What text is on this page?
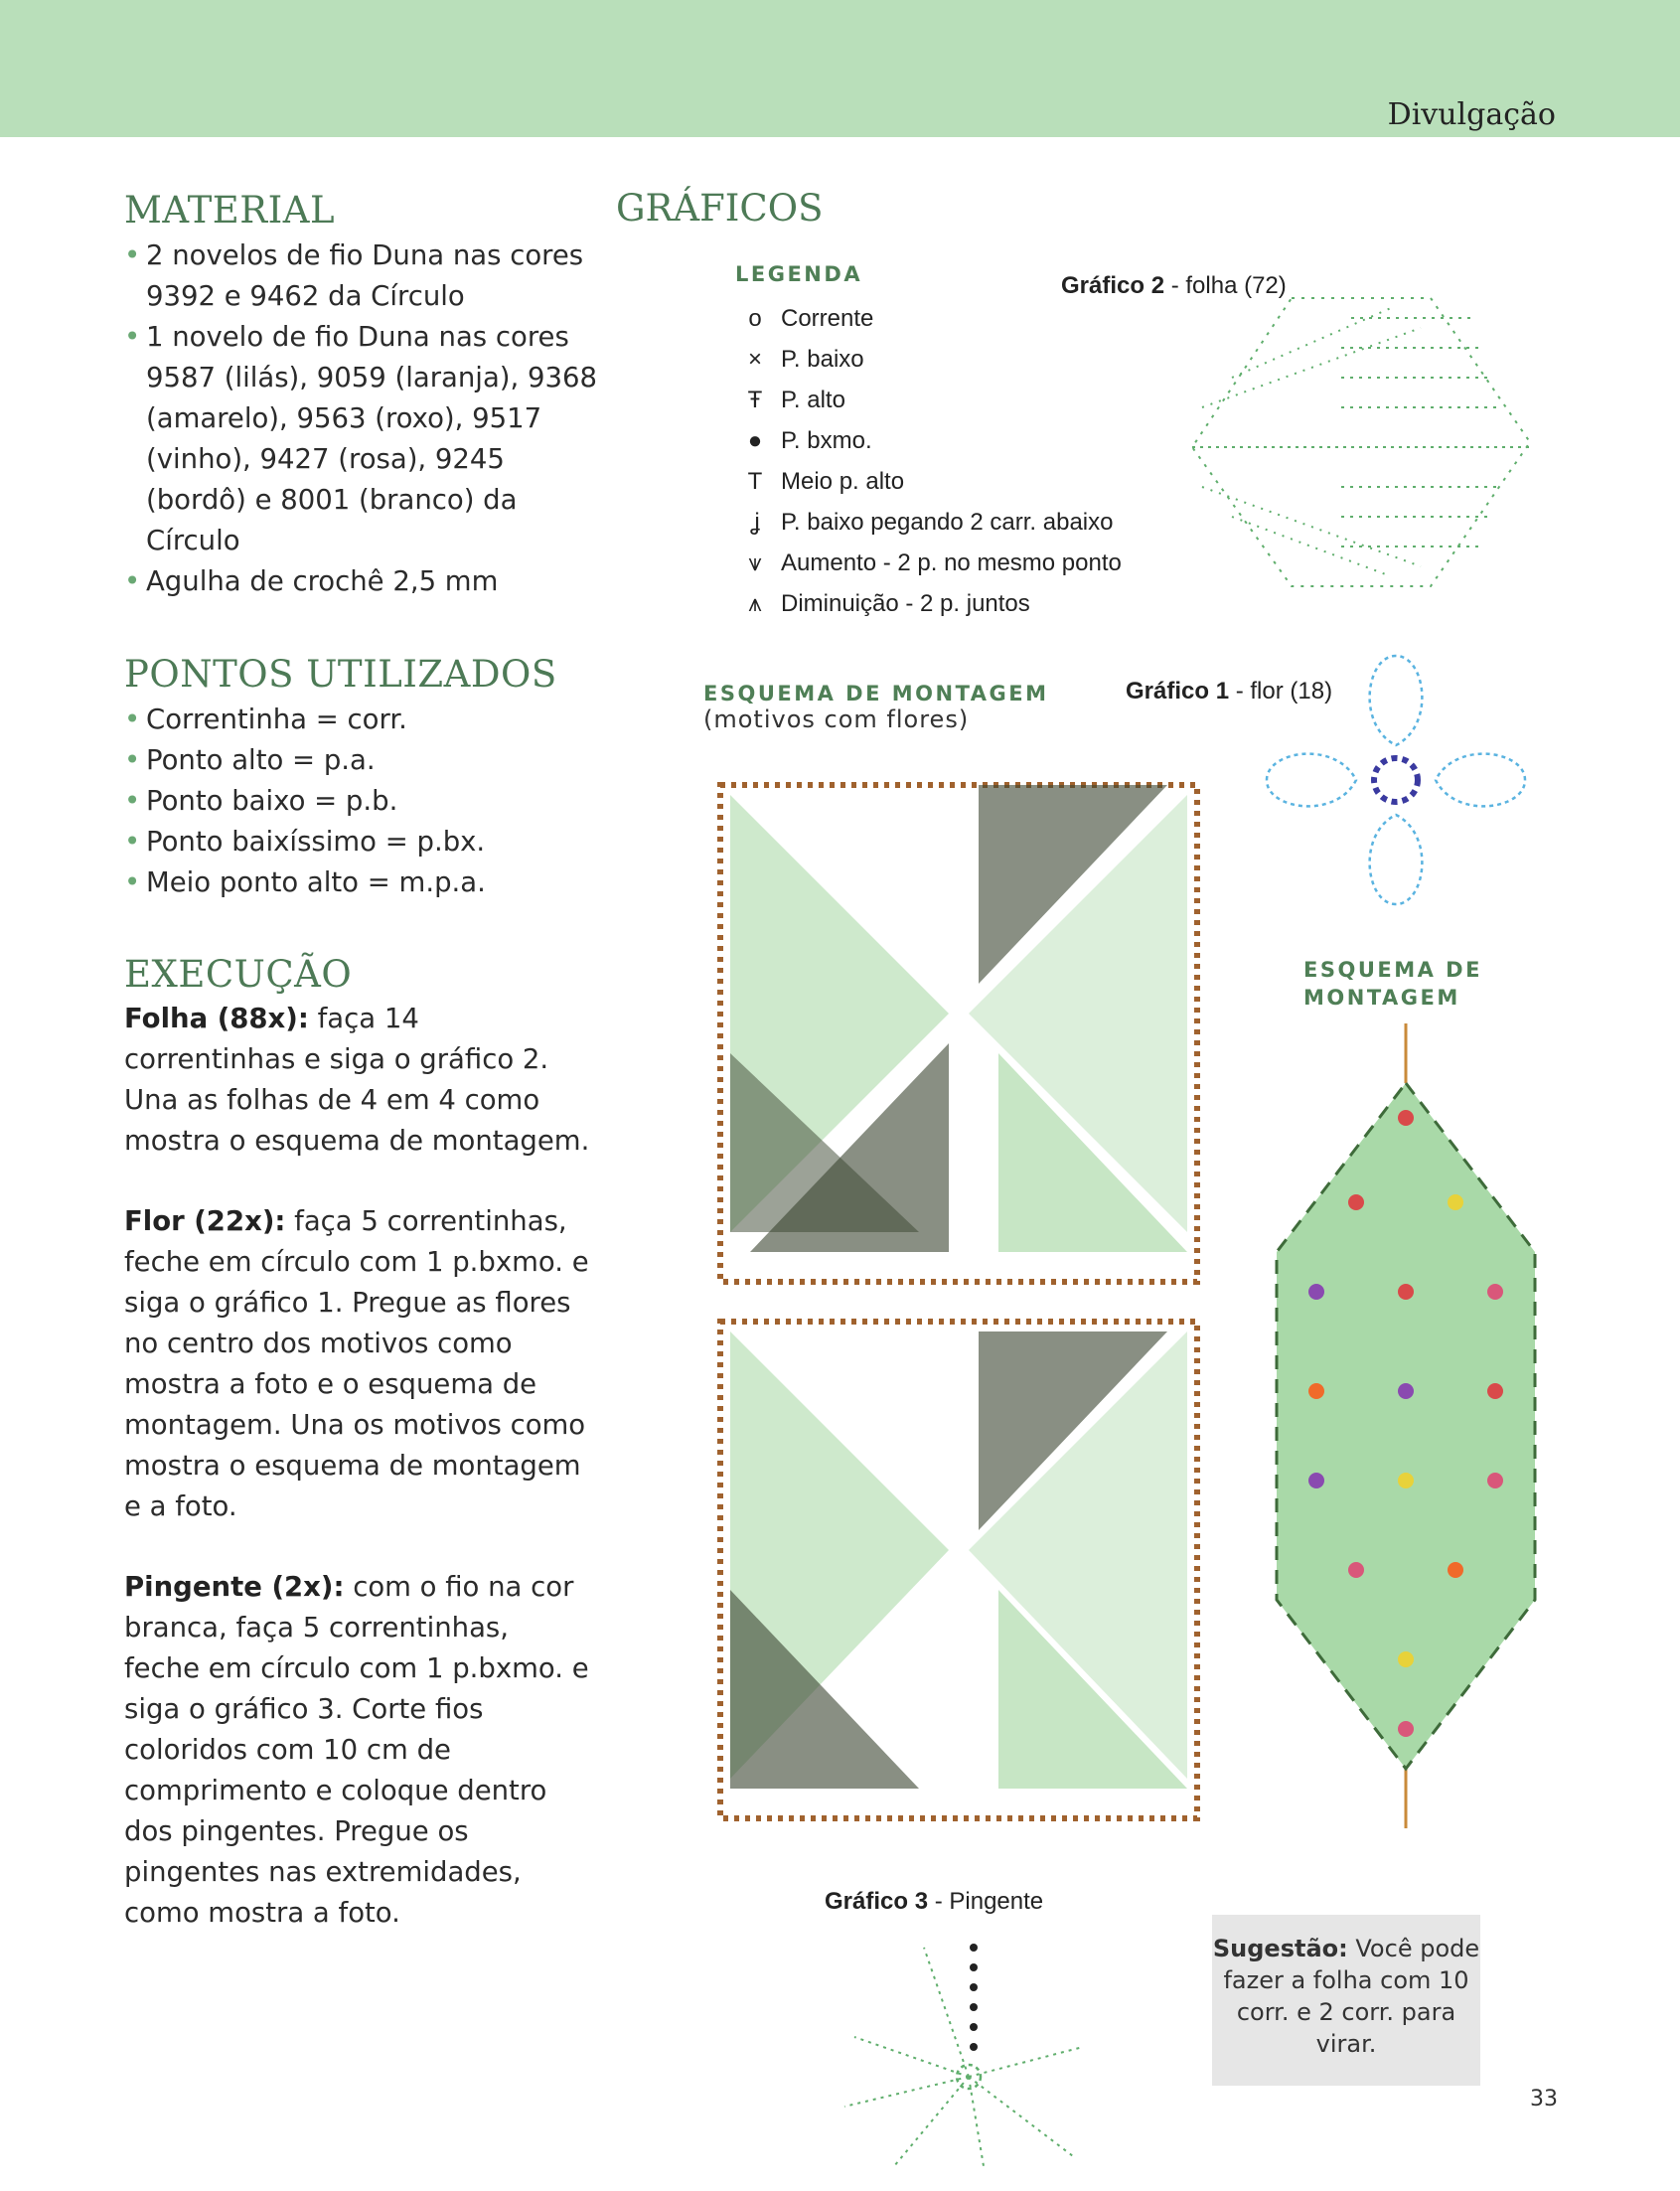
Divulgação
MATERIAL
• 2 novelos de fio Duna nas cores 9392 e 9462 da Círculo
• 1 novelo de fio Duna nas cores 9587 (lilás), 9059 (laranja), 9368 (amarelo), 9563 (roxo), 9517 (vinho), 9427 (rosa), 9245 (bordô) e 8001 (branco) da Círculo
• Agulha de crochê 2,5 mm
PONTOS UTILIZADOS
• Correntinha = corr.
• Ponto alto = p.a.
• Ponto baixo = p.b.
• Ponto baixíssimo = p.bx.
• Meio ponto alto = m.p.a.
EXECUÇÃO

Folha (88x): faça 14 correntinhas e siga o gráfico 2. Una as folhas de 4 em 4 como mostra o esquema de montagem.

Flor (22x): faça 5 correntinhas, feche em círculo com 1 p.bxmo. e siga o gráfico 1. Pregue as flores no centro dos motivos como mostra a foto e o esquema de montagem. Una os motivos como mostra o esquema de montagem e a foto.

Pingente (2x): com o fio na cor branca, faça 5 correntinhas, feche em círculo com 1 p.bxmo. e siga o gráfico 3. Corte fios coloridos com 10 cm de comprimento e coloque dentro dos pingentes. Pregue os pingentes nas extremidades, como mostra a foto.

GRÁFICOS
LEGENDA
o Corrente
× P. baixo
Ŧ P. alto
● P. bxmo.
T Meio p. alto
ʝ P. baixo pegando 2 carr. abaixo
⩛ Aumento - 2 p. no mesmo ponto
⩚ Diminuição - 2 p. juntos
Gráfico 2 - folha (72)
ESQUEMA DE MONTAGEM
(motivos com flores)
Gráfico 1 - flor (18)
ESQUEMA DE
MONTAGEM
Gráfico 3 - Pingente
Sugestão: Você pode fazer a folha com 10 corr. e 2 corr. para virar.
33
